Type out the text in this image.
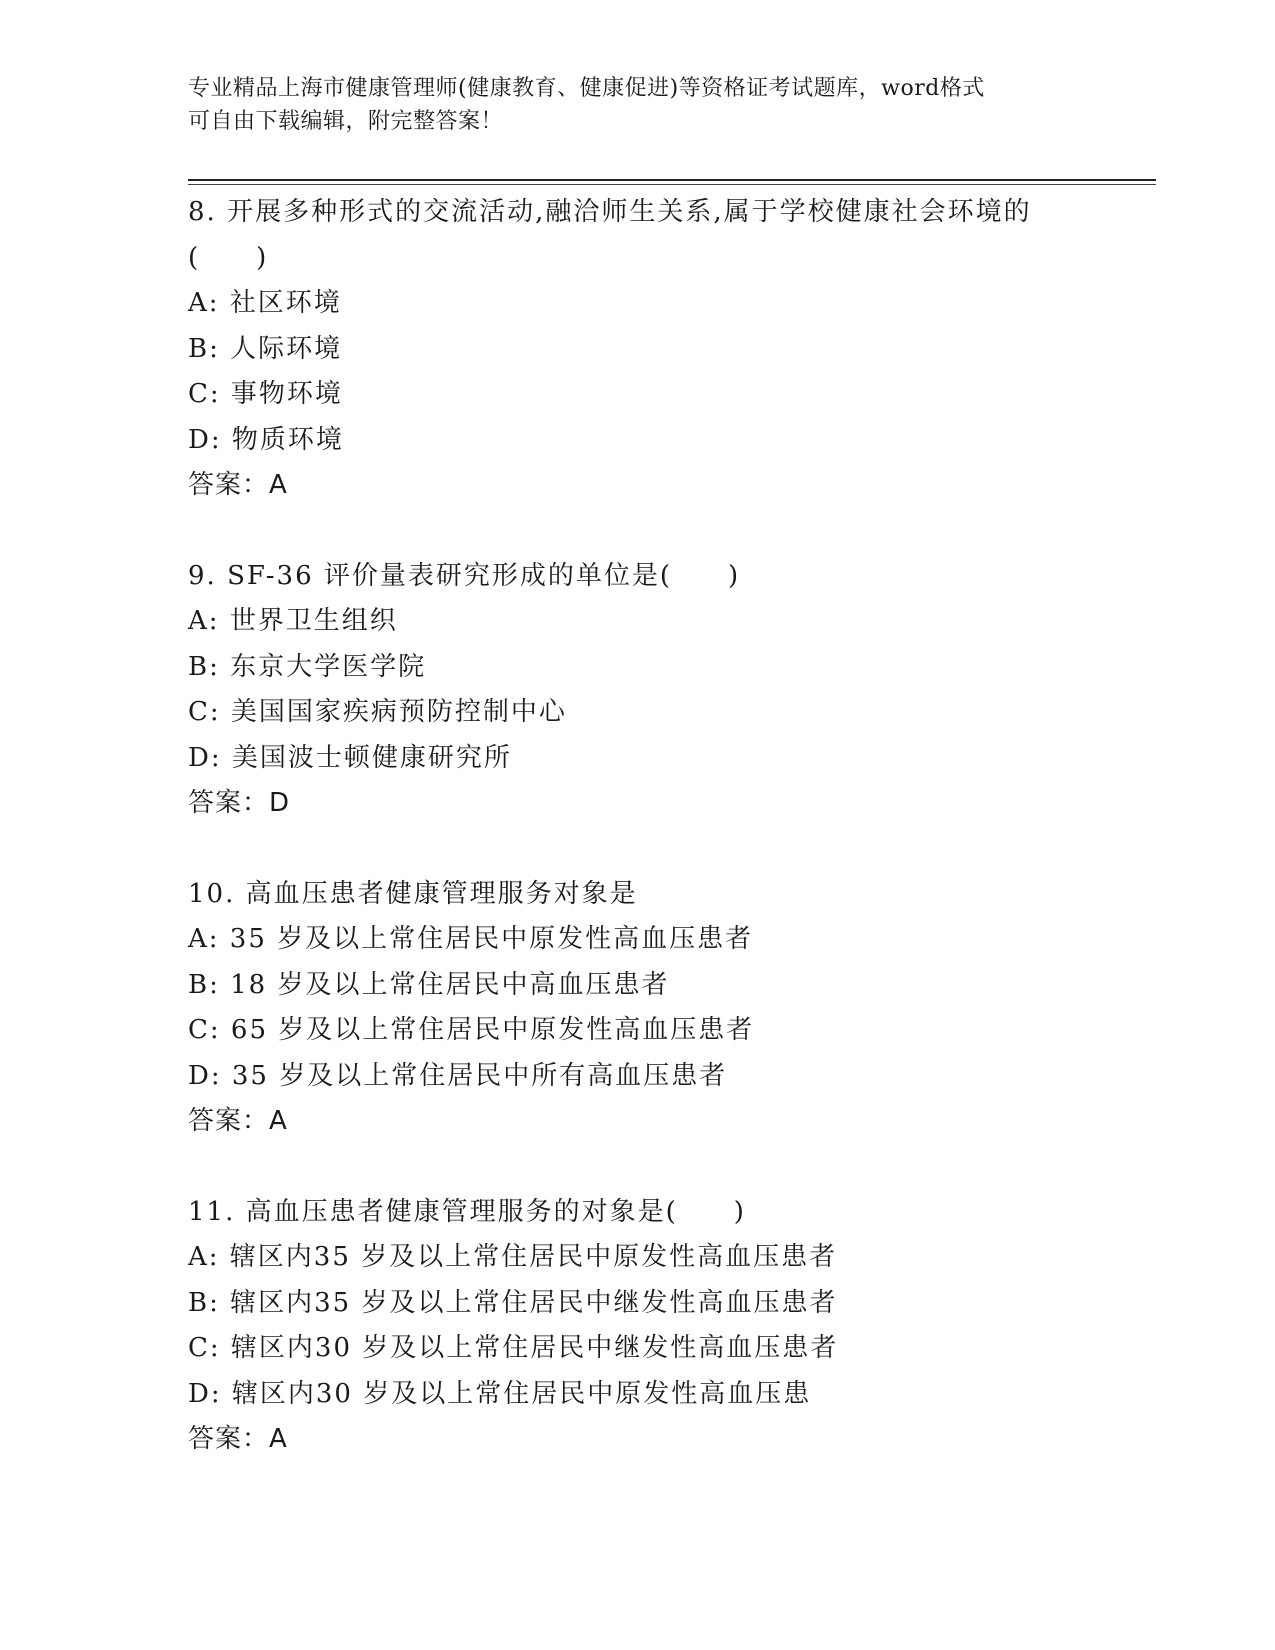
专业精品上海市健康管理师(健康教育、健康促进)等资格证考试题库，word格式
可自由下载编辑，附完整答案！
8. 开展多种形式的交流活动,融洽师生关系,属于学校健康社会环境的
(　　)
A: 社区环境
B: 人际环境
C: 事物环境
D: 物质环境
答案：A
9. SF-36 评价量表研究形成的单位是(　　)
A: 世界卫生组织
B: 东京大学医学院
C: 美国国家疾病预防控制中心
D: 美国波士顿健康研究所
答案：D
10. 高血压患者健康管理服务对象是
A: 35 岁及以上常住居民中原发性高血压患者
B: 18 岁及以上常住居民中高血压患者
C: 65 岁及以上常住居民中原发性高血压患者
D: 35 岁及以上常住居民中所有高血压患者
答案：A
11. 高血压患者健康管理服务的对象是(　　)
A: 辖区内35 岁及以上常住居民中原发性高血压患者
B: 辖区内35 岁及以上常住居民中继发性高血压患者
C: 辖区内30 岁及以上常住居民中继发性高血压患者
D: 辖区内30 岁及以上常住居民中原发性高血压患
答案：A
